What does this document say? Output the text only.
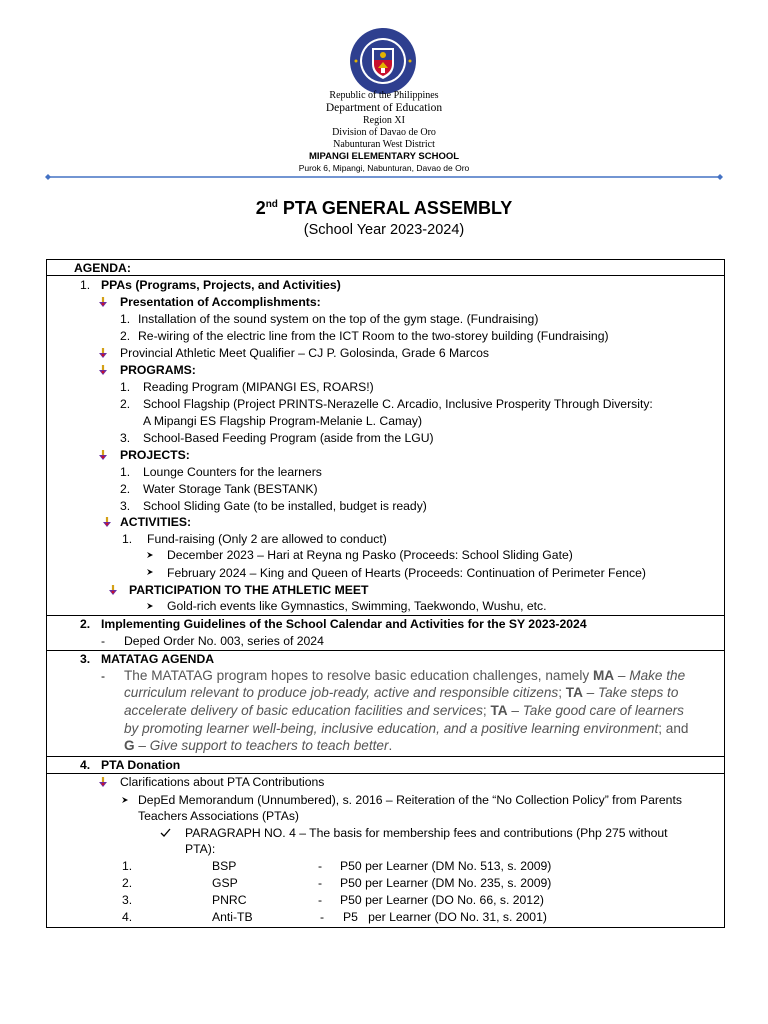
Republic of the Philippines
Department of Education
Region XI
Division of Davao de Oro
Nabunturan West District
MIPANGI ELEMENTARY SCHOOL
Purok 6, Mipangi, Nabunturan, Davao de Oro
2nd PTA GENERAL ASSEMBLY
(School Year 2023-2024)
AGENDA:
1. PPAs (Programs, Projects, and Activities)
Presentation of Accomplishments:
1. Installation of the sound system on the top of the gym stage. (Fundraising)
2. Re-wiring of the electric line from the ICT Room to the two-storey building (Fundraising)
Provincial Athletic Meet Qualifier – CJ P. Golosinda, Grade 6 Marcos
PROGRAMS:
1. Reading Program (MIPANGI ES, ROARS!)
2. School Flagship (Project PRINTS-Nerazelle C. Arcadio, Inclusive Prosperity Through Diversity:
A Mipangi ES Flagship Program-Melanie L. Camay)
3. School-Based Feeding Program (aside from the LGU)
PROJECTS:
1. Lounge Counters for the learners
2. Water Storage Tank (BESTANK)
3. School Sliding Gate (to be installed, budget is ready)
ACTIVITIES:
1. Fund-raising (Only 2 are allowed to conduct)
December 2023 – Hari at Reyna ng Pasko (Proceeds: School Sliding Gate)
February 2024 – King and Queen of Hearts (Proceeds: Continuation of Perimeter Fence)
PARTICIPATION TO THE ATHLETIC MEET
Gold-rich events like Gymnastics, Swimming, Taekwondo, Wushu, etc.
2. Implementing Guidelines of the School Calendar and Activities for the SY 2023-2024
- Deped Order No. 003, series of 2024
3. MATATAG AGENDA
- The MATATAG program hopes to resolve basic education challenges, namely MA – Make the
curriculum relevant to produce job-ready, active and responsible citizens; TA – Take steps to
accelerate delivery of basic education facilities and services; TA – Take good care of learners
by promoting learner well-being, inclusive education, and a positive learning environment; and
G – Give support to teachers to teach better.
4. PTA Donation
Clarifications about PTA Contributions
DepEd Memorandum (Unnumbered), s. 2016 – Reiteration of the “No Collection Policy” from Parents
Teachers Associations (PTAs)
PARAGRAPH NO. 4 – The basis for membership fees and contributions (Php 275 without
PTA):
1.	BSP	- P50 per Learner (DM No. 513, s. 2009)
2.	GSP	- P50 per Learner (DM No. 235, s. 2009)
3.	PNRC	- P50 per Learner (DO No. 66, s. 2012)
4.	Anti-TB	- P5   per Learner (DO No. 31, s. 2001)
